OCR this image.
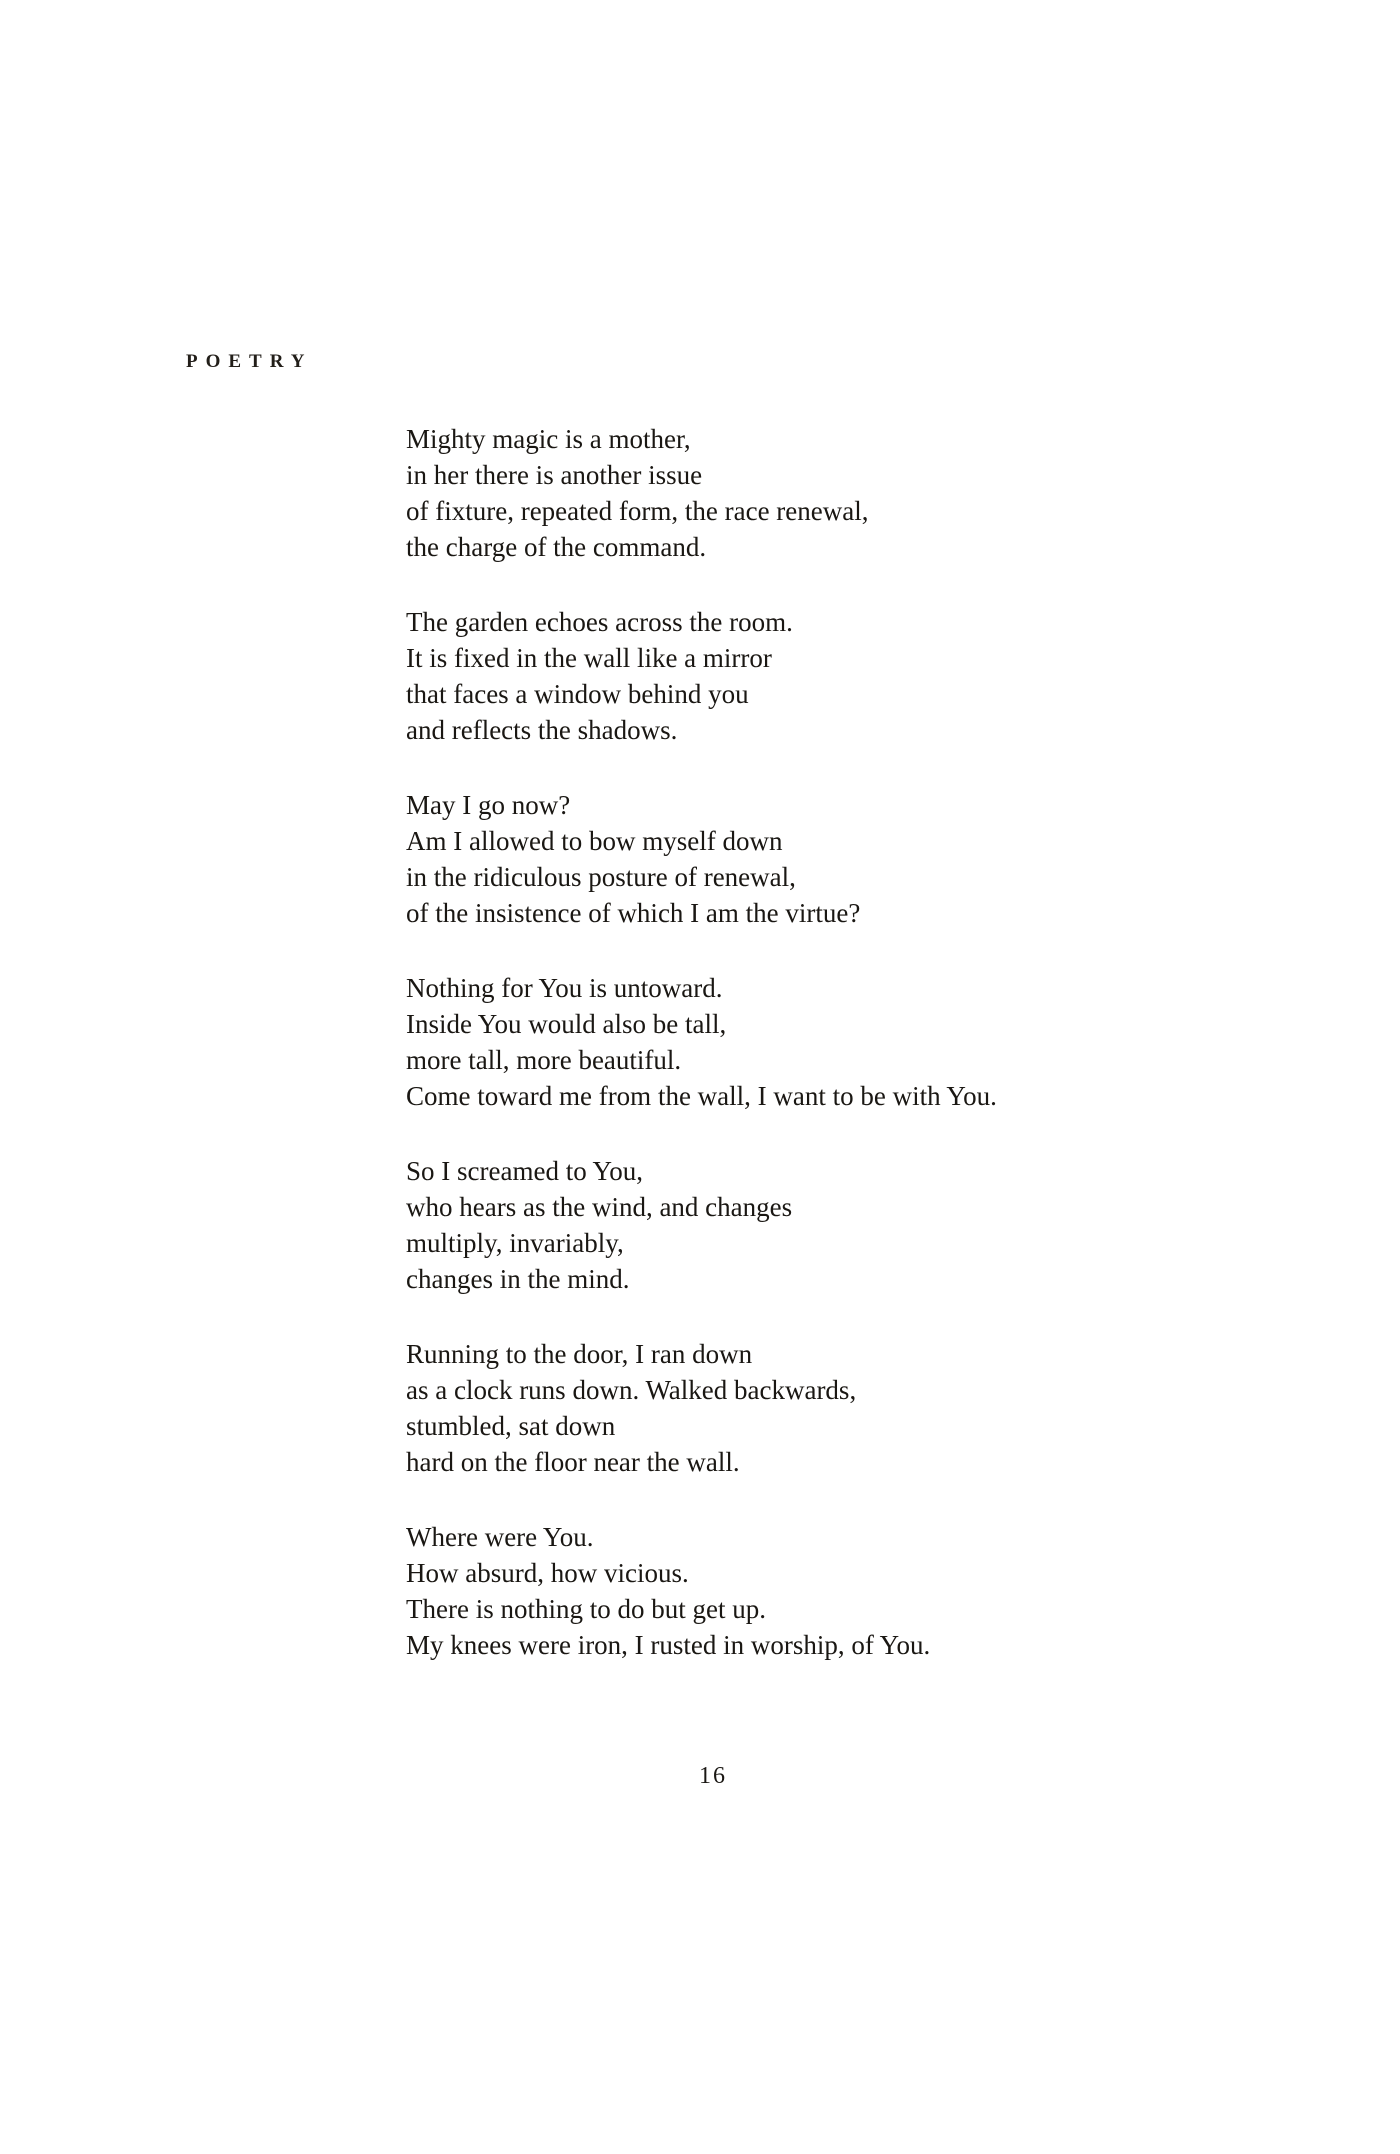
POETRY
Mighty magic is a mother,
in her there is another issue
of fixture, repeated form, the race renewal,
the charge of the command.
The garden echoes across the room.
It is fixed in the wall like a mirror
that faces a window behind you
and reflects the shadows.
May I go now?
Am I allowed to bow myself down
in the ridiculous posture of renewal,
of the insistence of which I am the virtue?
Nothing for You is untoward.
Inside You would also be tall,
more tall, more beautiful.
Come toward me from the wall, I want to be with You.
So I screamed to You,
who hears as the wind, and changes
multiply, invariably,
changes in the mind.
Running to the door, I ran down
as a clock runs down. Walked backwards,
stumbled, sat down
hard on the floor near the wall.
Where were You.
How absurd, how vicious.
There is nothing to do but get up.
My knees were iron, I rusted in worship, of You.
16
